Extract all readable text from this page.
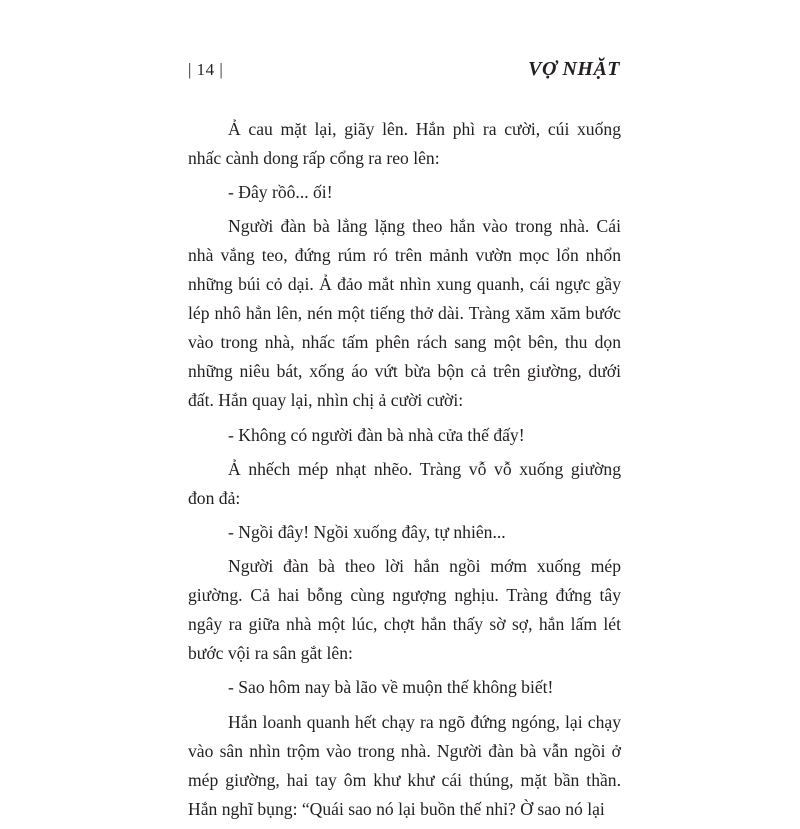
| 14 |	VỢ NHẶT

Ả cau mặt lại, giãy lên. Hắn phì ra cười, cúi xuống nhấc cành dong rấp cổng ra reo lên:

- Đây rồô... ối!

Người đàn bà lẳng lặng theo hắn vào trong nhà. Cái nhà vắng teo, đứng rúm ró trên mảnh vườn mọc lổn nhổn những búi cỏ dại. Ả đảo mắt nhìn xung quanh, cái ngực gầy lép nhô hẳn lên, nén một tiếng thở dài. Tràng xăm xăm bước vào trong nhà, nhấc tấm phên rách sang một bên, thu dọn những niêu bát, xống áo vứt bừa bộn cả trên giường, dưới đất. Hắn quay lại, nhìn chị ả cười cười:

- Không có người đàn bà nhà cửa thế đấy!

Ả nhếch mép nhạt nhẽo. Tràng vỗ vỗ xuống giường đon đả:

- Ngồi đây! Ngồi xuống đây, tự nhiên...

Người đàn bà theo lời hắn ngồi mớm xuống mép giường. Cả hai bỗng cùng ngượng nghịu. Tràng đứng tây ngây ra giữa nhà một lúc, chợt hắn thấy sờ sợ, hắn lấm lét bước vội ra sân gắt lên:

- Sao hôm nay bà lão về muộn thế không biết!

Hắn loanh quanh hết chạy ra ngõ đứng ngóng, lại chạy vào sân nhìn trộm vào trong nhà. Người đàn bà vẫn ngồi ở mép giường, hai tay ôm khư khư cái thúng, mặt bần thần. Hắn nghĩ bụng: “Quái sao nó lại buồn thế nhỉ? Ờ sao nó lại
